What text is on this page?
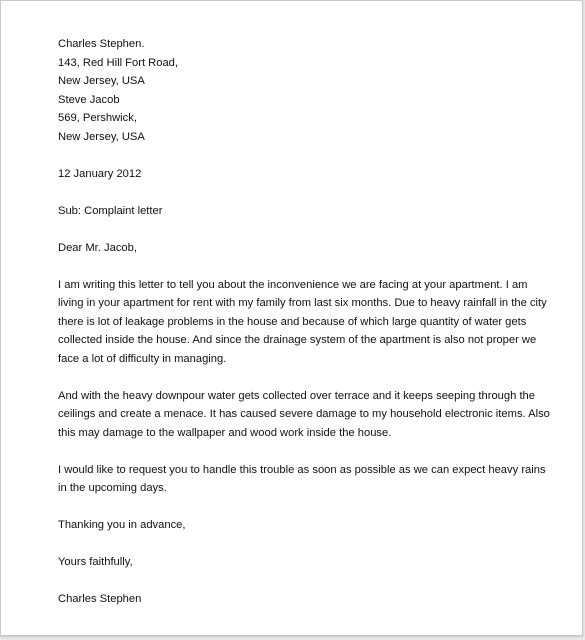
Charles Stephen.
143, Red Hill Fort Road,
New Jersey, USA
Steve Jacob
569, Pershwick,
New Jersey, USA
12 January 2012
Sub: Complaint letter
Dear Mr. Jacob,
I am writing this letter to tell you about the inconvenience we are facing at your apartment. I am
living in your apartment for rent with my family from last six months. Due to heavy rainfall in the city
there is lot of leakage problems in the house and because of which large quantity of water gets
collected inside the house. And since the drainage system of the apartment is also not proper we
face a lot of difficulty in managing.
And with the heavy downpour water gets collected over terrace and it keeps seeping through the
ceilings and create a menace. It has caused severe damage to my household electronic items. Also
this may damage to the wallpaper and wood work inside the house.
I would like to request you to handle this trouble as soon as possible as we can expect heavy rains
in the upcoming days.
Thanking you in advance,
Yours faithfully,
Charles Stephen
